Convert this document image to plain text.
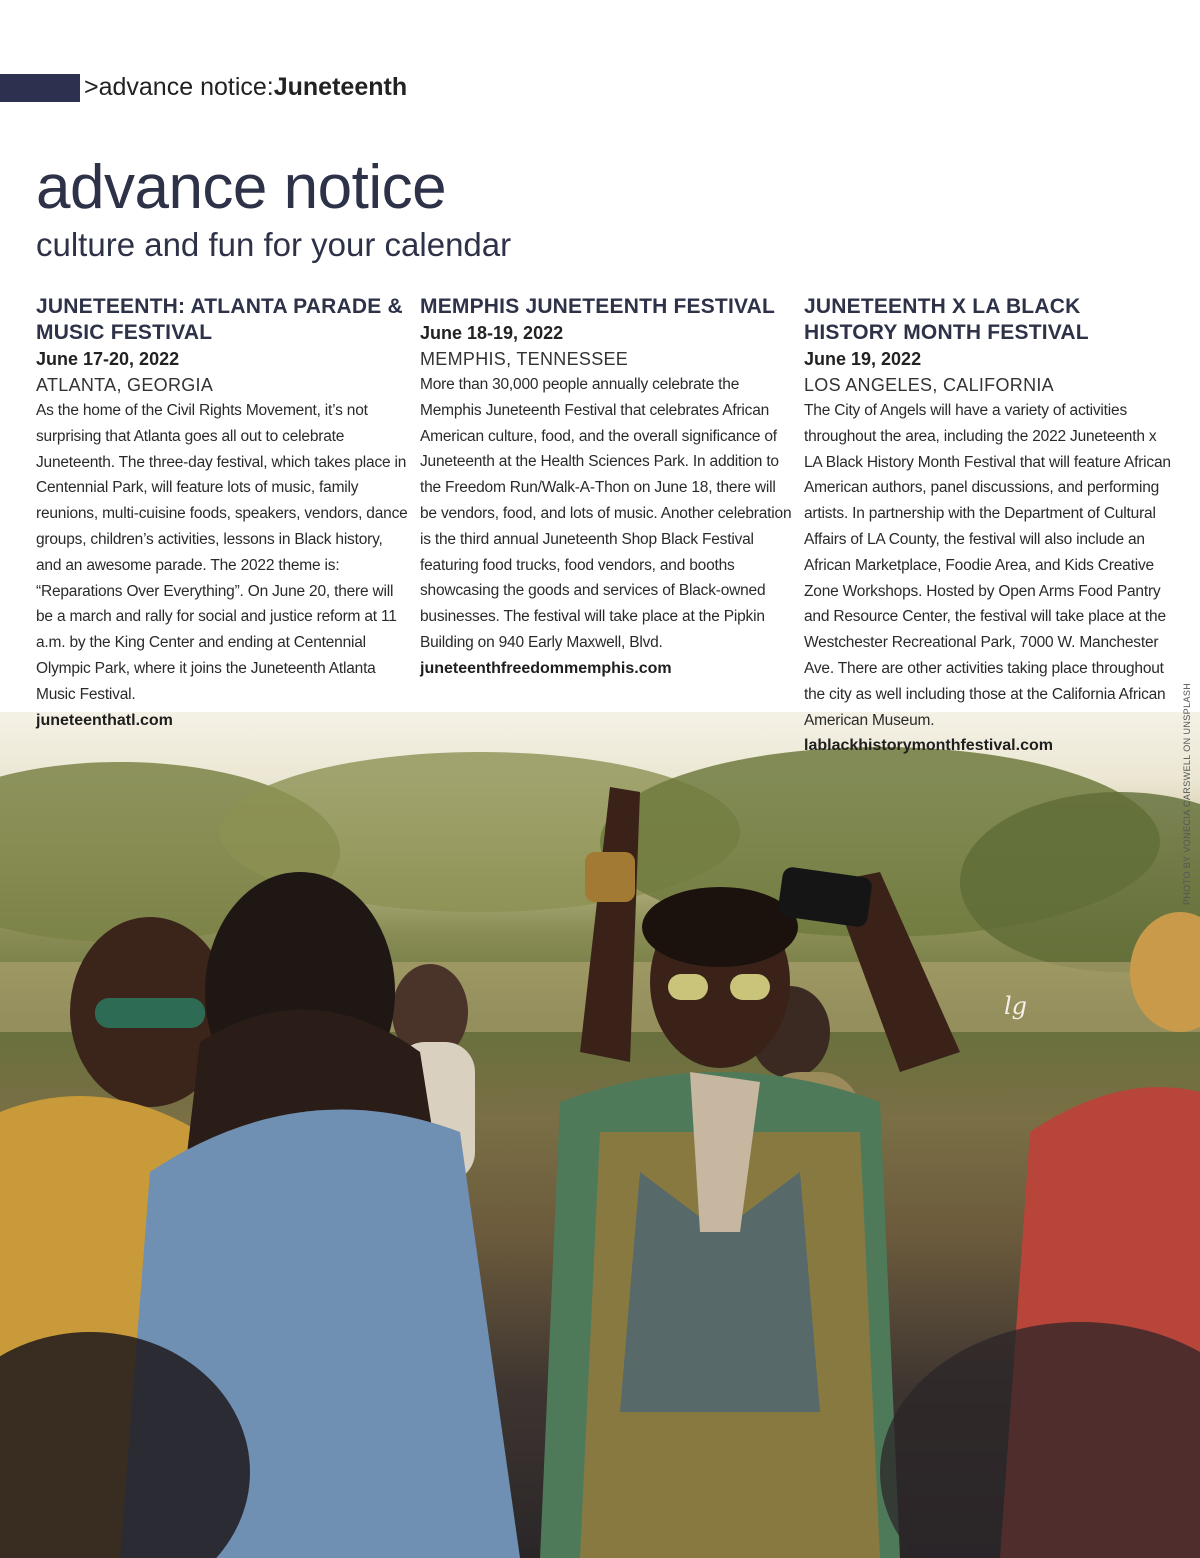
>advance notice:Juneteenth
advance notice
culture and fun for your calendar

JUNETEENTH: ATLANTA PARADE & MUSIC FESTIVAL

June 17-20, 2022

ATLANTA, GEORGIA

As the home of the Civil Rights Movement, it’s not surprising that Atlanta goes all out to celebrate Juneteenth. The three-day festival, which takes place in Centennial Park, will feature lots of music, family reunions, multi-cuisine foods, speakers, vendors, dance groups, children’s activities, lessons in Black history, and an awesome parade. The 2022 theme is: “Reparations Over Everything”. On June 20, there will be a march and rally for social and justice reform at 11 a.m. by the King Center and ending at Centennial Olympic Park, where it joins the Juneteenth Atlanta Music Festival.

juneteenthatl.com

MEMPHIS JUNETEENTH FESTIVAL

June 18-19, 2022

MEMPHIS, TENNESSEE

More than 30,000 people annually celebrate the Memphis Juneteenth Festival that celebrates African American culture, food, and the overall significance of Juneteenth at the Health Sciences Park. In addition to the Freedom Run/Walk-A-Thon on June 18, there will be vendors, food, and lots of music. Another celebration is the third annual Juneteenth Shop Black Festival featuring food trucks, food vendors, and booths showcasing the goods and services of Black-owned businesses. The festival will take place at the Pipkin Building on 940 Early Maxwell, Blvd.

juneteenthfreedommemphis.com

JUNETEENTH X LA BLACK HISTORY MONTH FESTIVAL

June 19, 2022

LOS ANGELES, CALIFORNIA

The City of Angels will have a variety of activities throughout the area, including the 2022 Juneteenth x LA Black History Month Festival that will feature African American authors, panel discussions, and performing artists. In partnership with the Department of Cultural Affairs of LA County, the festival will also include an African Marketplace, Foodie Area, and Kids Creative Zone Workshops. Hosted by Open Arms Food Pantry and Resource Center, the festival will take place at the Westchester Recreational Park, 7000 W. Manchester Ave. There are other activities taking place throughout the city as well including those at the California African American Museum.

lablackhistorymonthfestival.com	PHOTO BY VONECIA CARSWELL ON UNSPLASH
lg
